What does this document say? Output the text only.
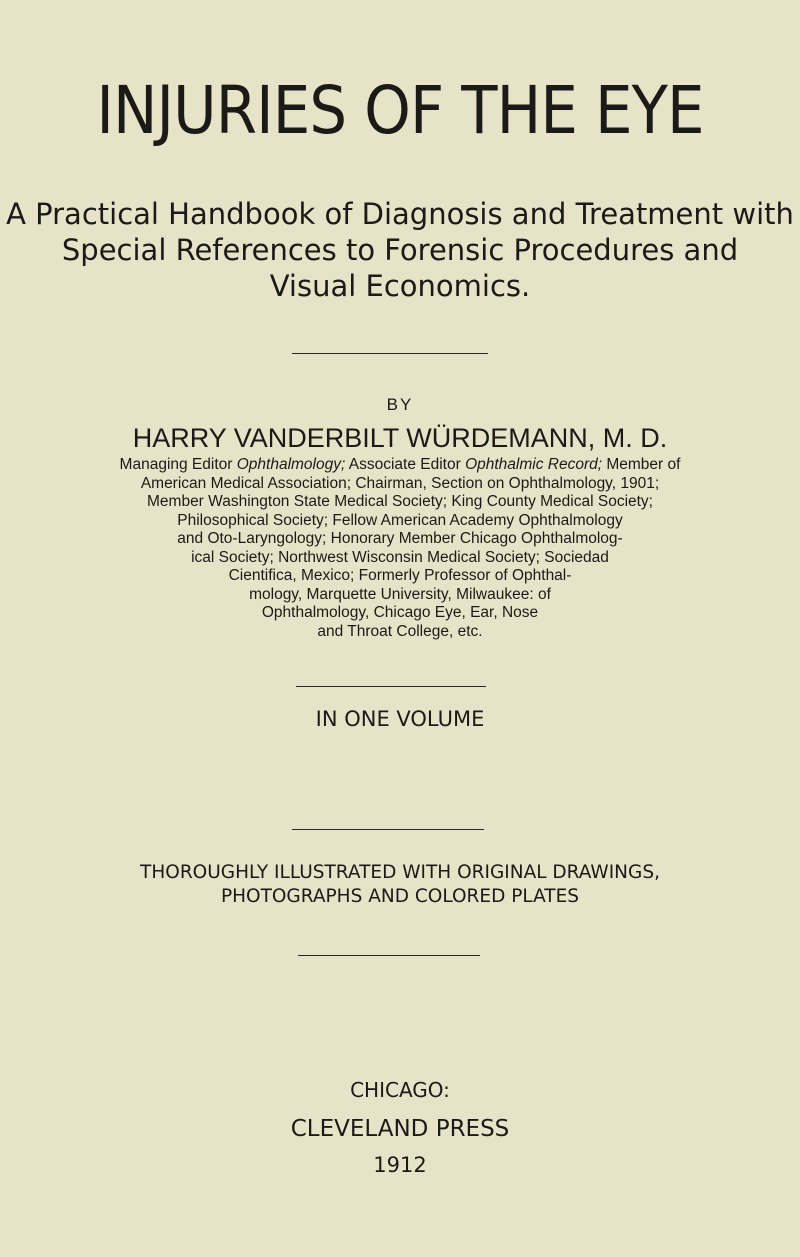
INJURIES OF THE EYE
A Practical Handbook of Diagnosis and Treatment with
Special References to Forensic Procedures and
Visual Economics.
BY
HARRY VANDERBILT WÜRDEMANN, M. D.
Managing Editor Ophthalmology; Associate Editor Ophthalmic Record; Member of
American Medical Association; Chairman, Section on Ophthalmology, 1901;
Member Washington State Medical Society; King County Medical Society;
Philosophical Society; Fellow American Academy Ophthalmology
and Oto-Laryngology; Honorary Member Chicago Ophthalmolog-
ical Society; Northwest Wisconsin Medical Society; Sociedad
Cientifica, Mexico; Formerly Professor of Ophthal-
mology, Marquette University, Milwaukee: of
Ophthalmology, Chicago Eye, Ear, Nose
and Throat College, etc.
IN ONE VOLUME
THOROUGHLY ILLUSTRATED WITH ORIGINAL DRAWINGS,
PHOTOGRAPHS AND COLORED PLATES
CHICAGO:
CLEVELAND PRESS
1912
